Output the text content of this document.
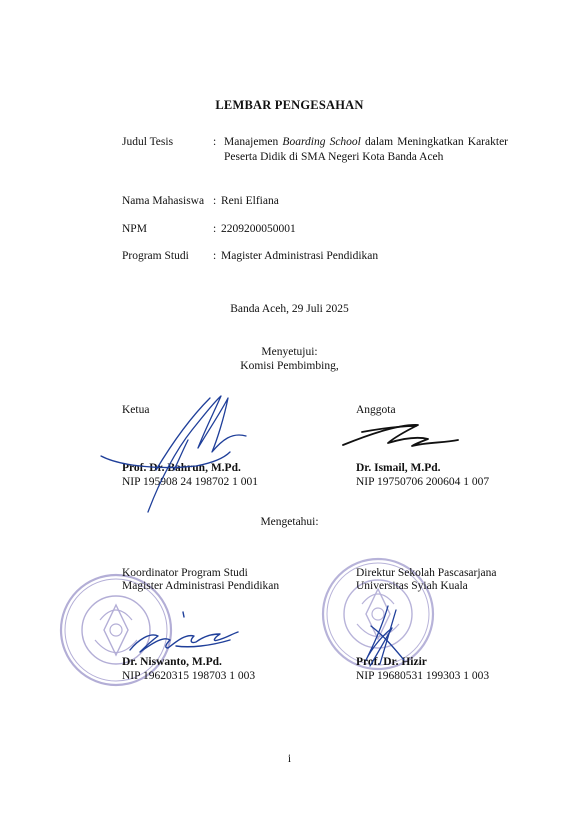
LEMBAR PENGESAHAN
Judul Tesis	: Manajemen Boarding School dalam Meningkatkan Karakter Peserta Didik di SMA Negeri Kota Banda Aceh
Nama Mahasiswa : Reni Elfiana
NPM	: 2209200050001
Program Studi : Magister Administrasi Pendidikan
Banda Aceh, 29 Juli 2025
Menyetujui:
Komisi Pembimbing,
Ketua
Prof. Dr. Bahrun, M.Pd.
NIP 195908 24 198702 1 001
Anggota
Dr. Ismail, M.Pd.
NIP 19750706 200604 1 007
Mengetahui:
Koordinator Program Studi
Magister Administrasi Pendidikan
Dr. Niswanto, M.Pd.
NIP 19620315 198703 1 003
Direktur Sekolah Pascasarjana
Universitas Syiah Kuala
Prof. Dr. Hizir
NIP 19680531 199303 1 003
i
